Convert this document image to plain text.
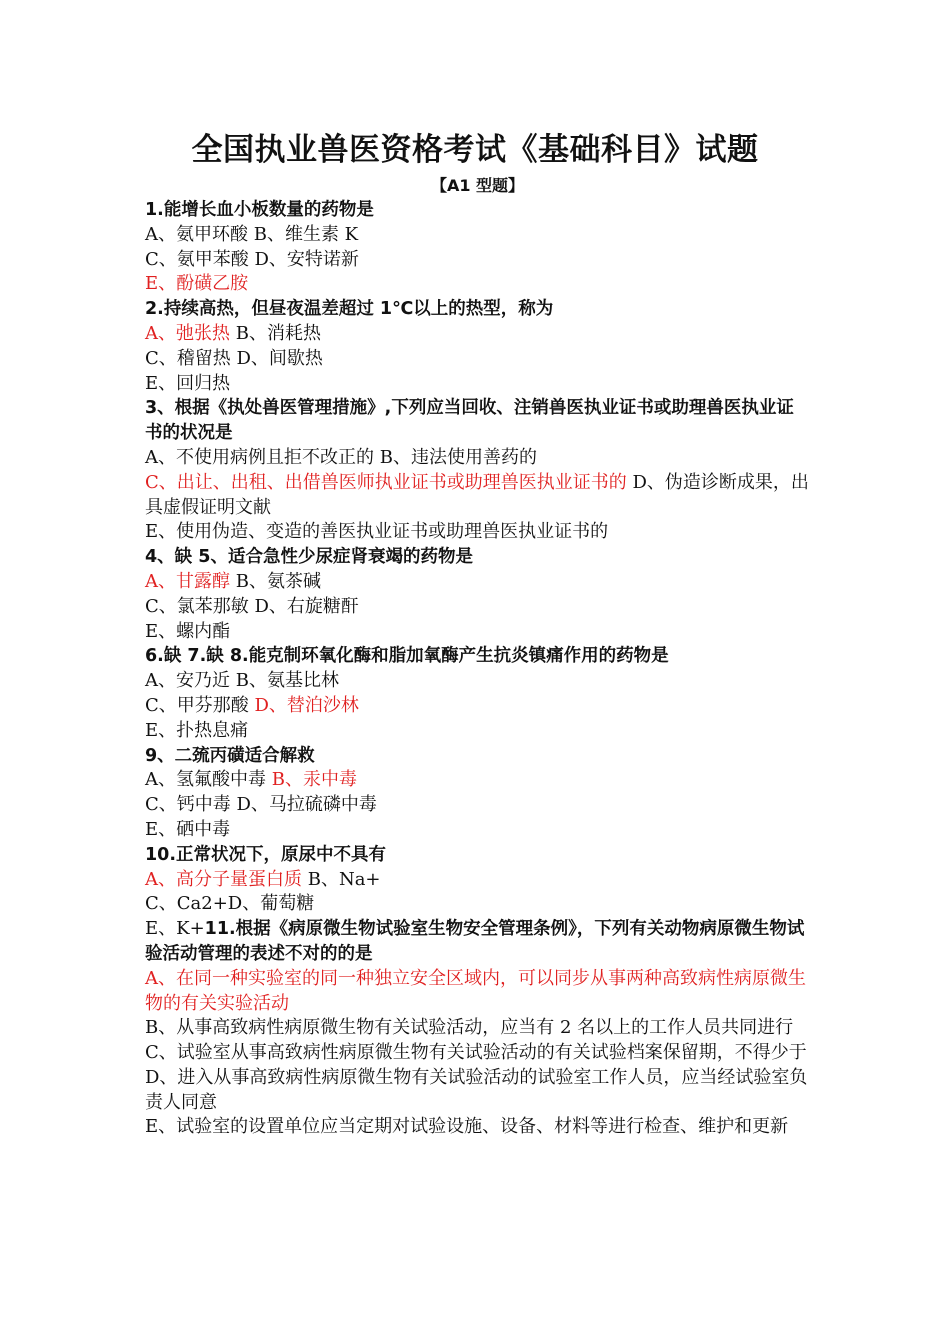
全国执业兽医资格考试《基础科目》试题
【A1 型题】
1.能增长血小板数量的药物是
A、氨甲环酸 B、维生素 K
C、氨甲苯酸 D、安特诺新
E、酚磺乙胺
2.持续高热，但昼夜温差超过 1℃以上的热型，称为
A、弛张热 B、消耗热
C、稽留热 D、间歇热
E、回归热
3、根据《执处兽医管理措施》,下列应当回收、注销兽医执业证书或助理兽医执业证书的状况是
A、不使用病例且拒不改正的 B、违法使用善药的
C、出让、出租、出借兽医师执业证书或助理兽医执业证书的 D、伪造诊断成果，出具虚假证明文献
E、使用伪造、变造的善医执业证书或助理兽医执业证书的
4、缺 5、适合急性少尿症肾衰竭的药物是
A、甘露醇 B、氨茶碱
C、氯苯那敏 D、右旋糖酐
E、螺内酯
6.缺 7.缺 8.能克制环氧化酶和脂加氧酶产生抗炎镇痛作用的药物是
A、安乃近 B、氨基比林
C、甲芬那酸 D、替泊沙林
E、扑热息痛
9、二巯丙磺适合解救
A、氢氟酸中毒 B、汞中毒
C、钙中毒 D、马拉硫磷中毒
E、硒中毒
10.正常状况下，原尿中不具有
A、高分子量蛋白质 B、Na+
C、Ca2+D、葡萄糖
E、K+11.根据《病原微生物试验室生物安全管理条例》，下列有关动物病原微生物试验活动管理的表述不对的的是
A、在同一种实验室的同一种独立安全区域内，可以同步从事两种高致病性病原微生物的有关实验活动
B、从事高致病性病原微生物有关试验活动，应当有 2 名以上的工作人员共同进行
C、试验室从事高致病性病原微生物有关试验活动的有关试验档案保留期，不得少于
D、进入从事高致病性病原微生物有关试验活动的试验室工作人员，应当经试验室负责人同意
E、试验室的设置单位应当定期对试验设施、设备、材料等进行检查、维护和更新
